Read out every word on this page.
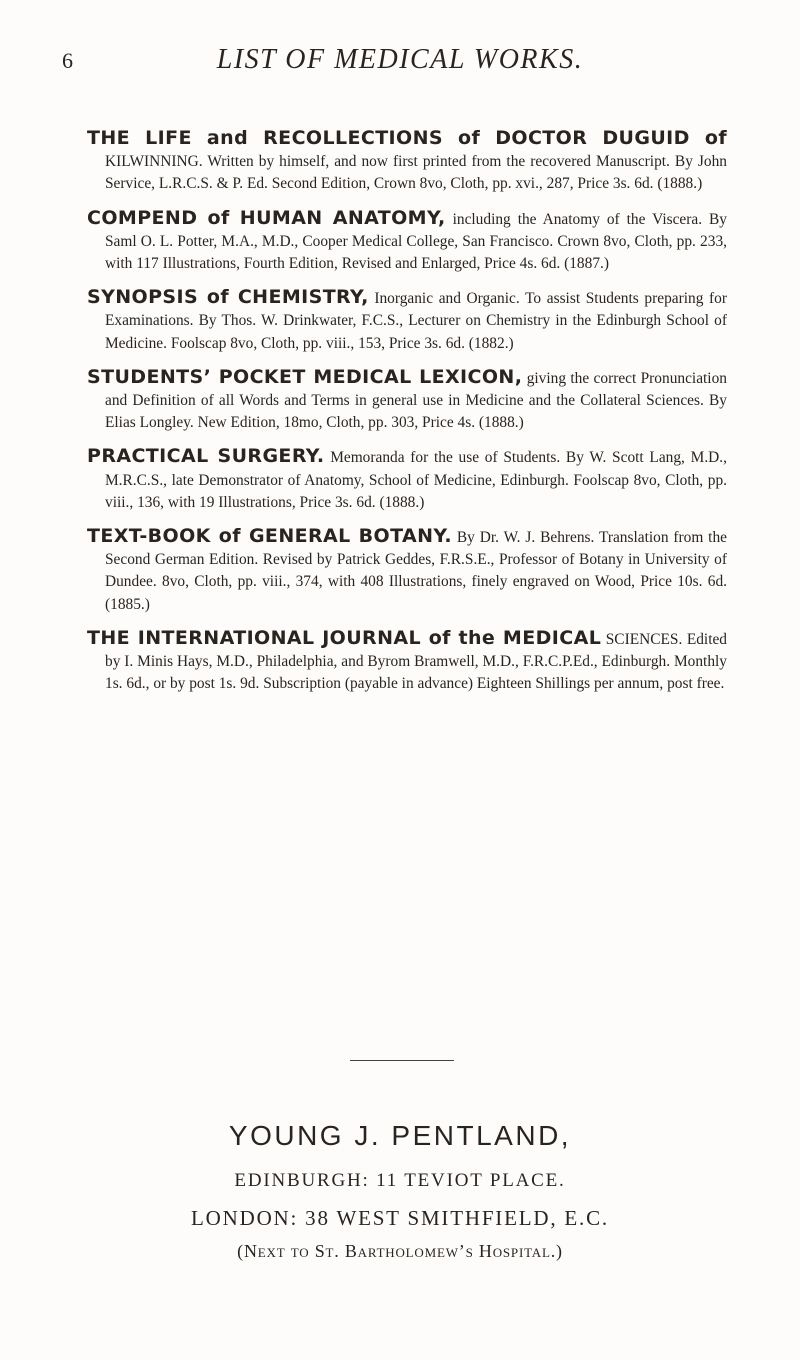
6	LIST OF MEDICAL WORKS.

THE LIFE and RECOLLECTIONS of DOCTOR DUGUID of KILWINNING. Written by himself, and now first printed from the recovered Manuscript. By John Service, L.R.C.S. & P. Ed. Second Edition, Crown 8vo, Cloth, pp. xvi., 287, Price 3s. 6d. (1888.)

COMPEND of HUMAN ANATOMY, including the Anatomy of the Viscera. By Saml O. L. Potter, M.A., M.D., Cooper Medical College, San Francisco. Crown 8vo, Cloth, pp. 233, with 117 Illustrations, Fourth Edition, Revised and Enlarged, Price 4s. 6d. (1887.)

SYNOPSIS of CHEMISTRY, Inorganic and Organic. To assist Students preparing for Examinations. By Thos. W. Drinkwater, F.C.S., Lecturer on Chemistry in the Edinburgh School of Medicine. Foolscap 8vo, Cloth, pp. viii., 153, Price 3s. 6d. (1882.)

STUDENTS’ POCKET MEDICAL LEXICON, giving the correct Pronunciation and Definition of all Words and Terms in general use in Medicine and the Collateral Sciences. By Elias Longley. New Edition, 18mo, Cloth, pp. 303, Price 4s. (1888.)

PRACTICAL SURGERY. Memoranda for the use of Students. By W. Scott Lang, M.D., M.R.C.S., late Demonstrator of Anatomy, School of Medicine, Edinburgh. Foolscap 8vo, Cloth, pp. viii., 136, with 19 Illustrations, Price 3s. 6d. (1888.)

TEXT-BOOK of GENERAL BOTANY. By Dr. W. J. Behrens. Translation from the Second German Edition. Revised by Patrick Geddes, F.R.S.E., Professor of Botany in University of Dundee. 8vo, Cloth, pp. viii., 374, with 408 Illustrations, finely engraved on Wood, Price 10s. 6d. (1885.)

THE INTERNATIONAL JOURNAL of the MEDICAL SCIENCES. Edited by I. Minis Hays, M.D., Philadelphia, and Byrom Bramwell, M.D., F.R.C.P.Ed., Edinburgh. Monthly 1s. 6d., or by post 1s. 9d. Subscription (payable in advance) Eighteen Shillings per annum, post free.

YOUNG J. PENTLAND,
EDINBURGH: 11 TEVIOT PLACE.
LONDON: 38 WEST SMITHFIELD, E.C.
(Next to St. Bartholomew’s Hospital.)
